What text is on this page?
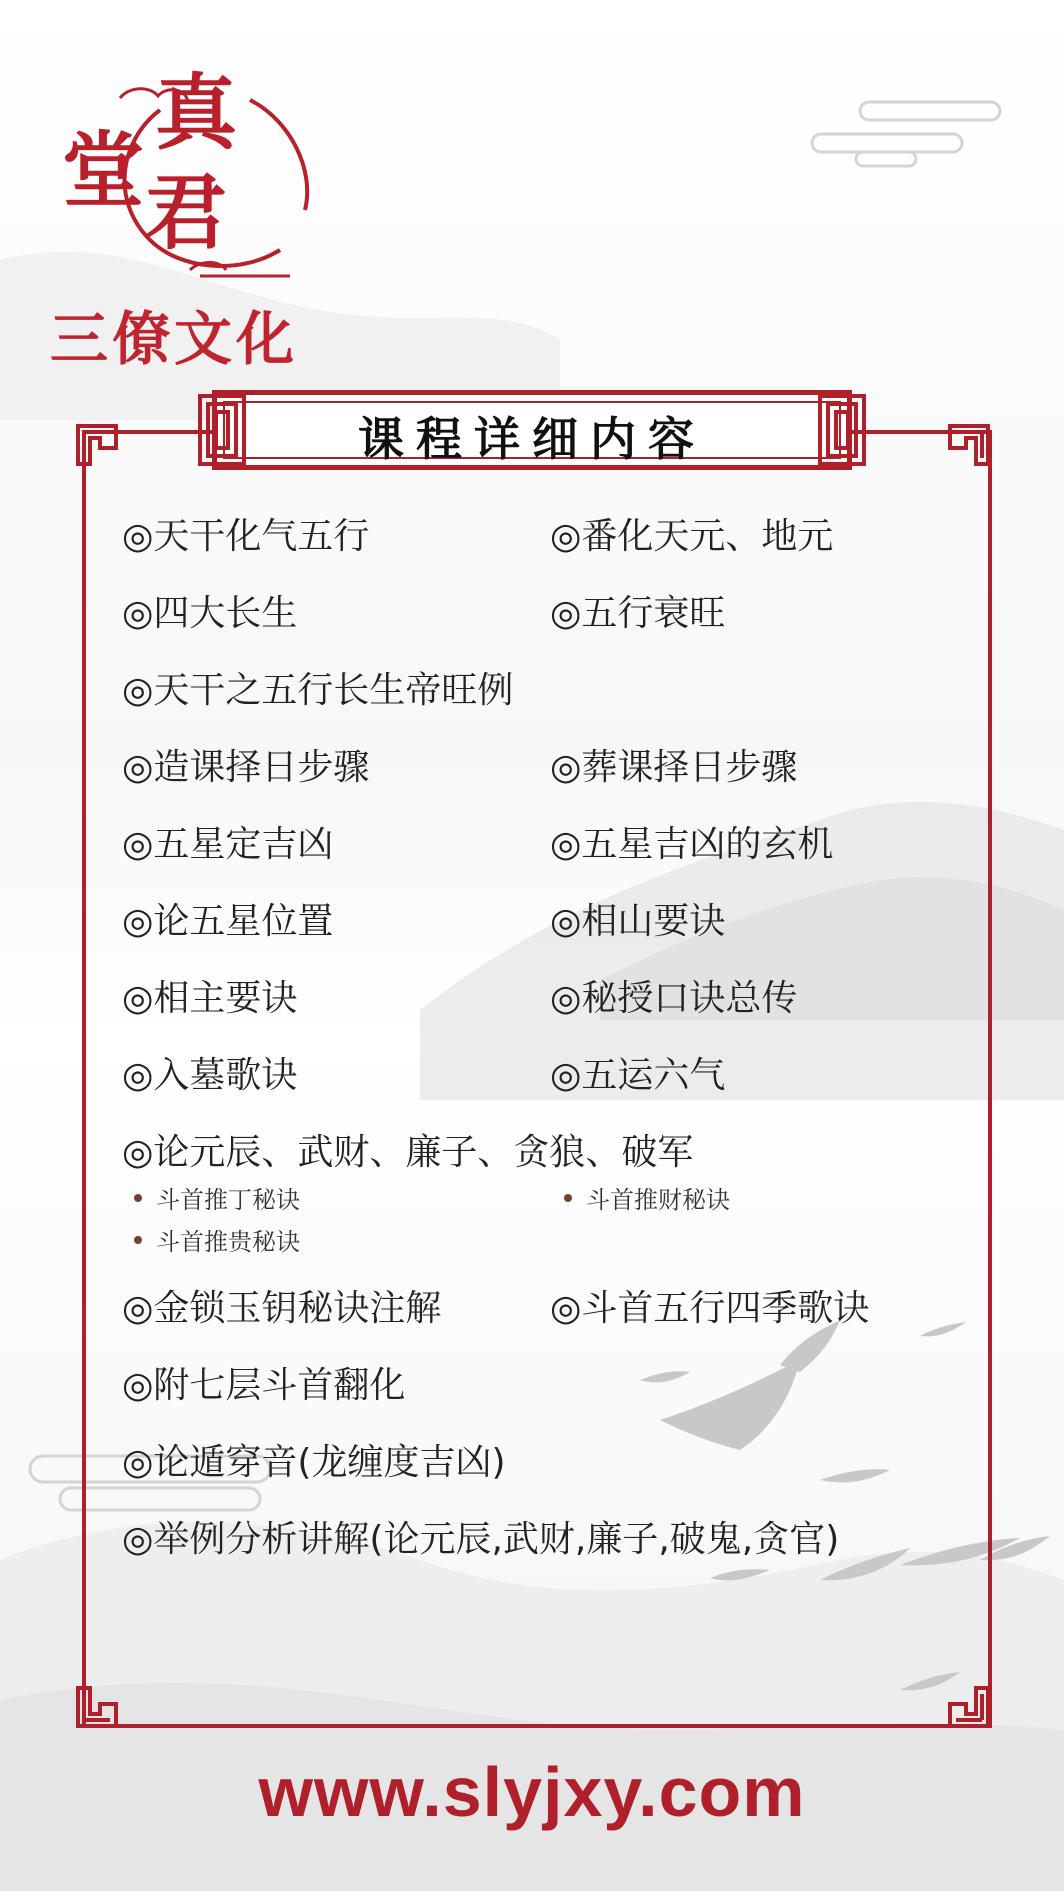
真
堂 君
三僚文化
课程详细内容
◎天干化气五行	◎番化天元、地元
◎四大长生	◎五行衰旺
◎天干之五行长生帝旺例
◎造课择日步骤	◎葬课择日步骤
◎五星定吉凶	◎五星吉凶的玄机
◎论五星位置	◎相山要诀
◎相主要诀	◎秘授口诀总传
◎入墓歌诀	◎五运六气
◎论元辰、武财、廉子、贪狼、破军
斗首推丁秘诀	斗首推财秘诀
斗首推贵秘诀
◎金锁玉钥秘诀注解	◎斗首五行四季歌诀
◎附七层斗首翻化
◎论遁穿音(龙缠度吉凶)
◎举例分析讲解(论元辰,武财,廉子,破鬼,贪官)
www.slyjxy.com
